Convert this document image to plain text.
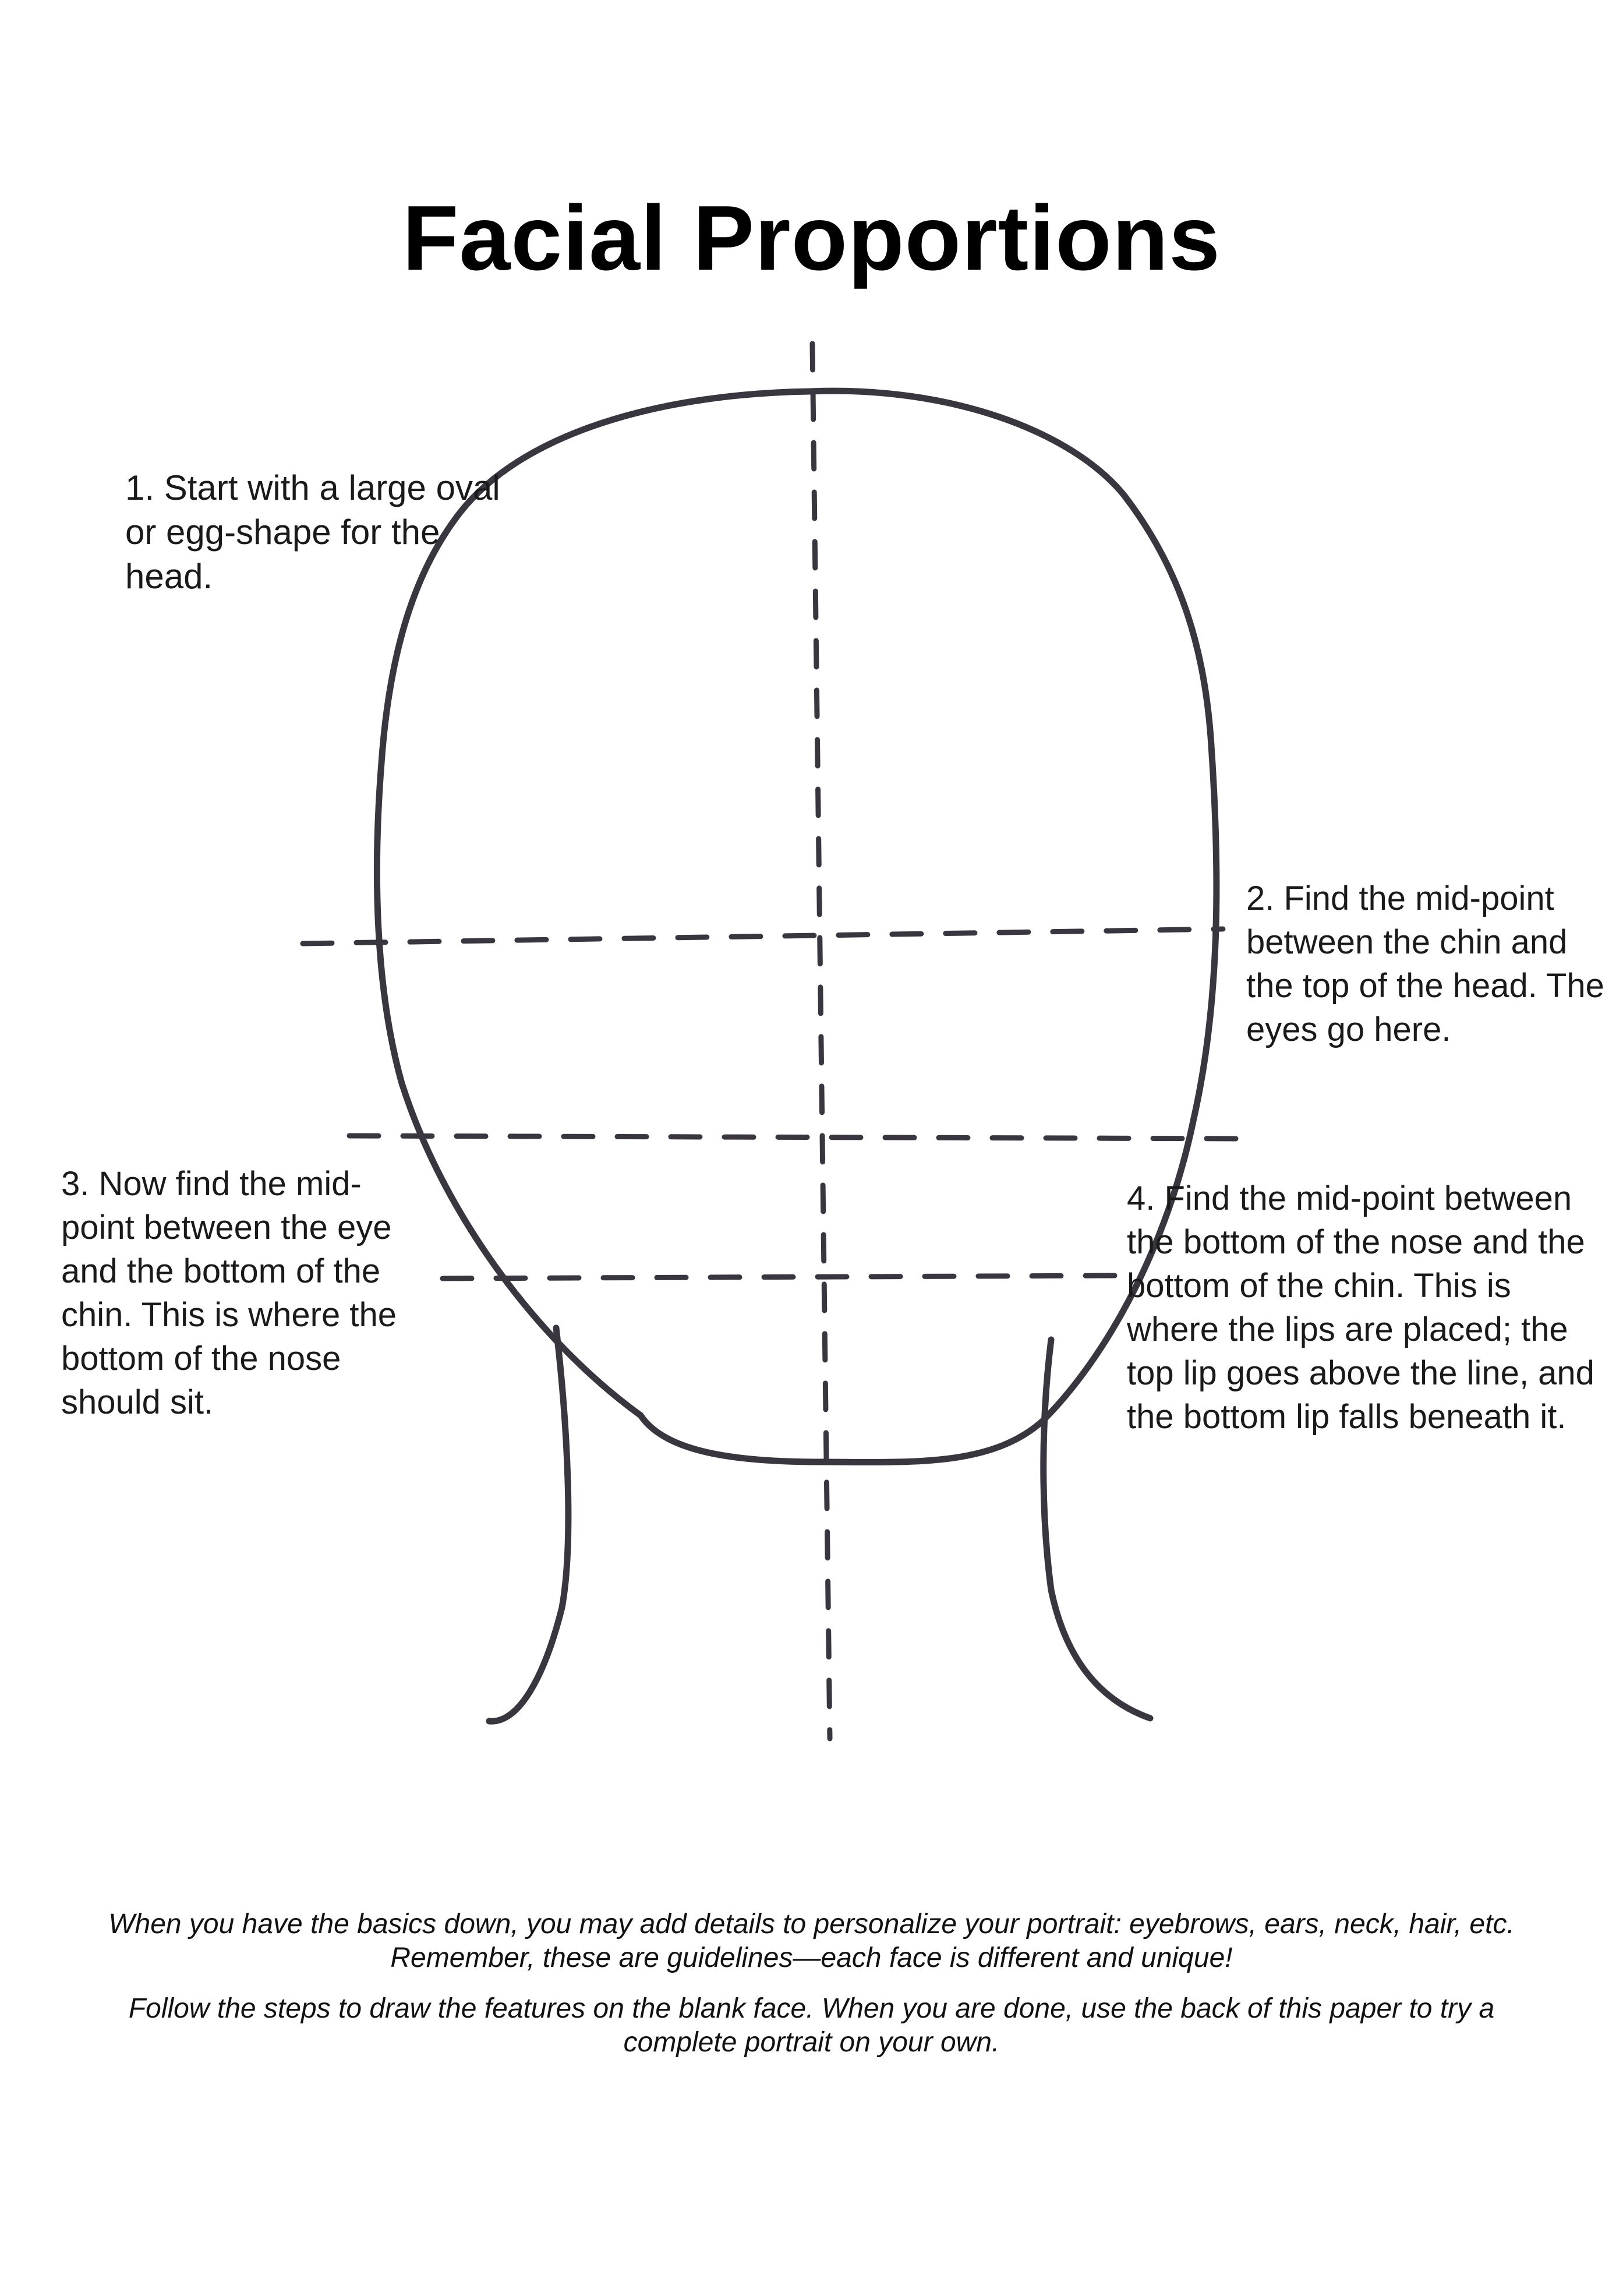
Facial Proportions
1. Start with a large oval or egg-shape for the head.
2. Find the mid-point between the chin and the top of the head. The eyes go here.
3. Now find the mid-point between the eye and the bottom of the chin. This is where the bottom of the nose should sit.
4. Find the mid-point between the bottom of the nose and the bottom of the chin. This is where the lips are placed; the top lip goes above the line, and the bottom lip falls beneath it.
When you have the basics down, you may add details to personalize your portrait: eyebrows, ears, neck, hair, etc. Remember, these are guidelines—each face is different and unique!
Follow the steps to draw the features on the blank face. When you are done, use the back of this paper to try a complete portrait on your own.
